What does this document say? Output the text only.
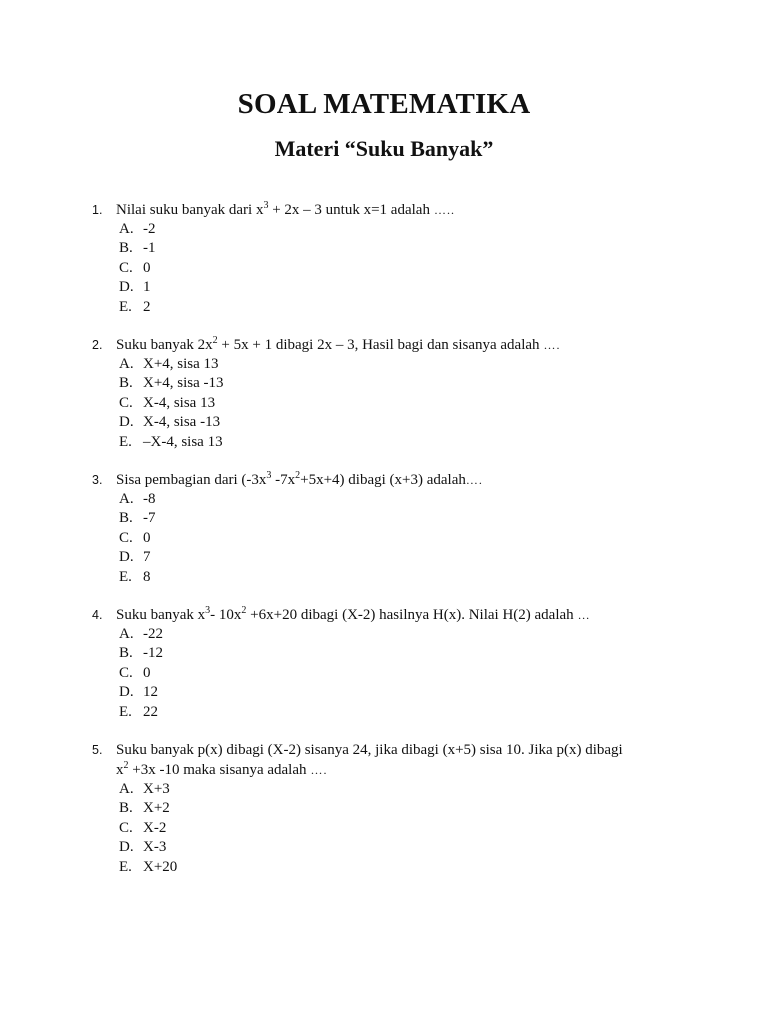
SOAL MATEMATIKA
Materi “Suku Banyak”
1. Nilai suku banyak dari $x^3 + 2x - 3$ untuk x=1 adalah …..
A. -2
B. -1
C. 0
D. 1
E. 2
2. Suku banyak $2x^2 + 5x + 1$ dibagi 2x – 3, Hasil bagi dan sisanya adalah ….
A. X+4, sisa 13
B. X+4, sisa -13
C. X-4, sisa 13
D. X-4, sisa -13
E. –X-4, sisa 13
3. Sisa pembagian dari ($-3x^3$ $-7x^2+5x+4$) dibagi (x+3) adalah….
A. -8
B. -7
C. 0
D. 7
E. 8
4. Suku banyak $x^3-$ $10x^2 +6x+20$ dibagi (X-2) hasilnya H(x). Nilai H(2) adalah …
A. -22
B. -12
C. 0
D. 12
E. 22
5. Suku banyak p(x) dibagi (X-2) sisanya 24, jika dibagi (x+5) sisa 10. Jika p(x) dibagi
$x^2 +3x$ -10 maka sisanya adalah ….
A. X+3
B. X+2
C. X-2
D. X-3
E. X+20
